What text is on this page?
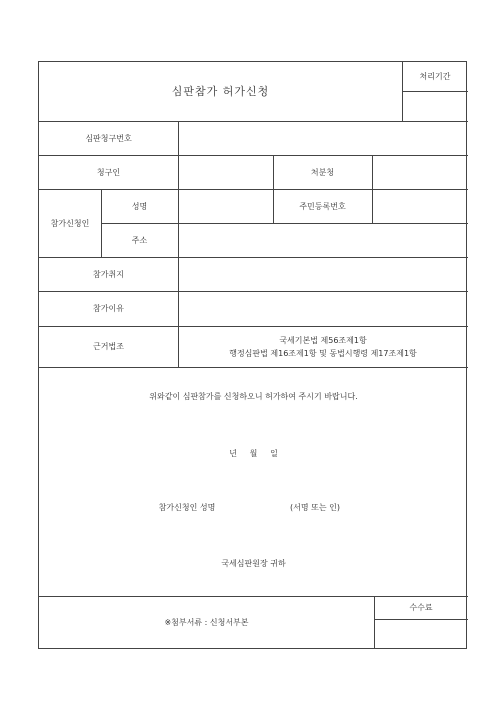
심판참가 허가신청
처리기간
심판청구번호
청구인	처분청
참가신청인
성명	주민등록번호
주소
참가취지
참가이유
근거법조
국세기본법 제56조제1항
행정심판법 제16조제1항 및 동법시행령 제17조제1항
위와같이 심판참가를 신청하오니 허가하여 주시기 바랍니다.
년     월     일
참가신청인 성명	(서명 또는 인)
국세심판원장 귀하
※첨부서류 : 신청서부본
수수료
